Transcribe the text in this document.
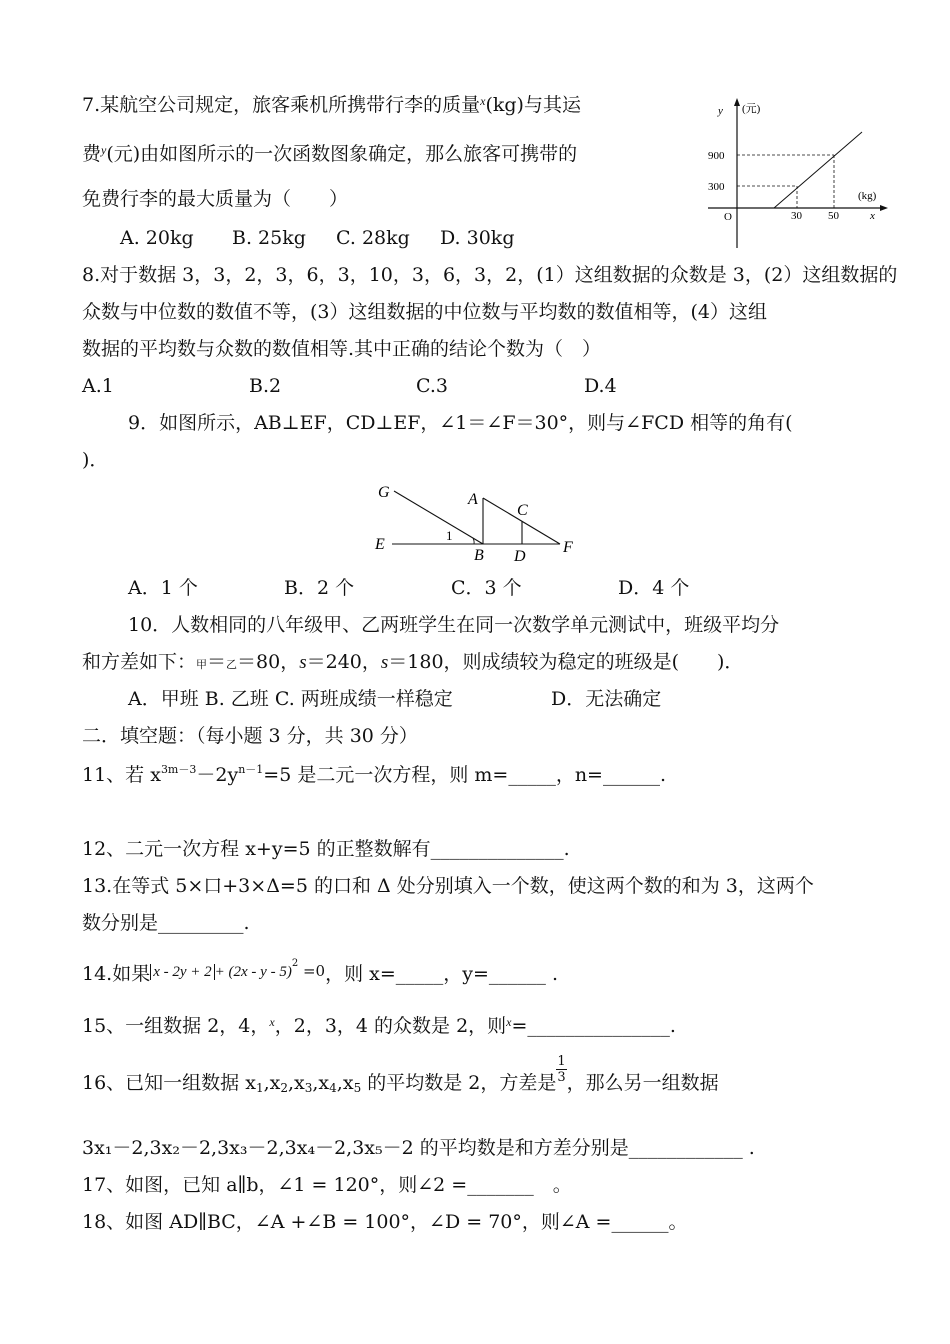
7.某航空公司规定，旅客乘机所携带行李的质量$^x$(kg)与其运
费$^y$(元)由如图所示的一次函数图象确定，那么旅客可携带的
免费行李的最大质量为（　　）
A. 20kg B. 25kg C. 28kg D. 30kg
y (元)
900
300
O	30 50
(kg)
x
8.对于数据 3，3，2，3，6，3，10，3，6，3，2，(1）这组数据的众数是 3，(2）这组数据的
众数与中位数的数值不等，(3）这组数据的中位数与平均数的数值相等，(4）这组
数据的平均数与众数的数值相等.其中正确的结论个数为（　）
A.1	B.2	C.3	D.4
9．如图所示，AB⊥EF，CD⊥EF，∠1＝∠F＝30°，则与∠FCD 相等的角有(
)．
G	A
C
E
1
B D
F
A．1 个	B．2 个	C．3 个	D．4 个
10．人数相同的八年级甲、乙两班学生在同一次数学单元测试中，班级平均分
和方差如下：甲＝乙＝80，s＝240，s＝180，则成绩较为稳定的班级是(　　)．
A．甲班 B. 乙班 C. 两班成绩一样稳定	D．无法确定
二．填空题：（每小题 3 分，共 30 分）
11、若 $x^{3m-3}-2y^{n-1}=5$ 是二元一次方程，则 m=_____，n=______.
12、二元一次方程 x+y=5 的正整数解有______________.
13.在等式 5×口+3×Δ=5 的口和 Δ 处分别填入一个数，使这两个数的和为 3，这两个
数分别是_________.
14.如果 $^{x - 2y + 2}$ $^{+ (2x - y - 5)2}$ $^{=0}$，则 x=_____，y=______ .
15、一组数据 2，4，$^x$，2，3，4 的众数是 2，则$^x$=_______________.
16、已知一组数据 $x_1,x_2,x_3,x_4,x_5$ 的平均数是 2，方差是 $\frac{1}{3}$ ，那么另一组数据
3x₁－2,3x₂－2,3x₃－2,3x₄－2,3x₅－2 的平均数是和方差分别是____________ .
17、如图，已知 a∥b，∠1 = 120°，则∠2 =_______　。
18、如图 AD∥BC，∠A +∠B = 100°，∠D = 70°，则∠A =______。
